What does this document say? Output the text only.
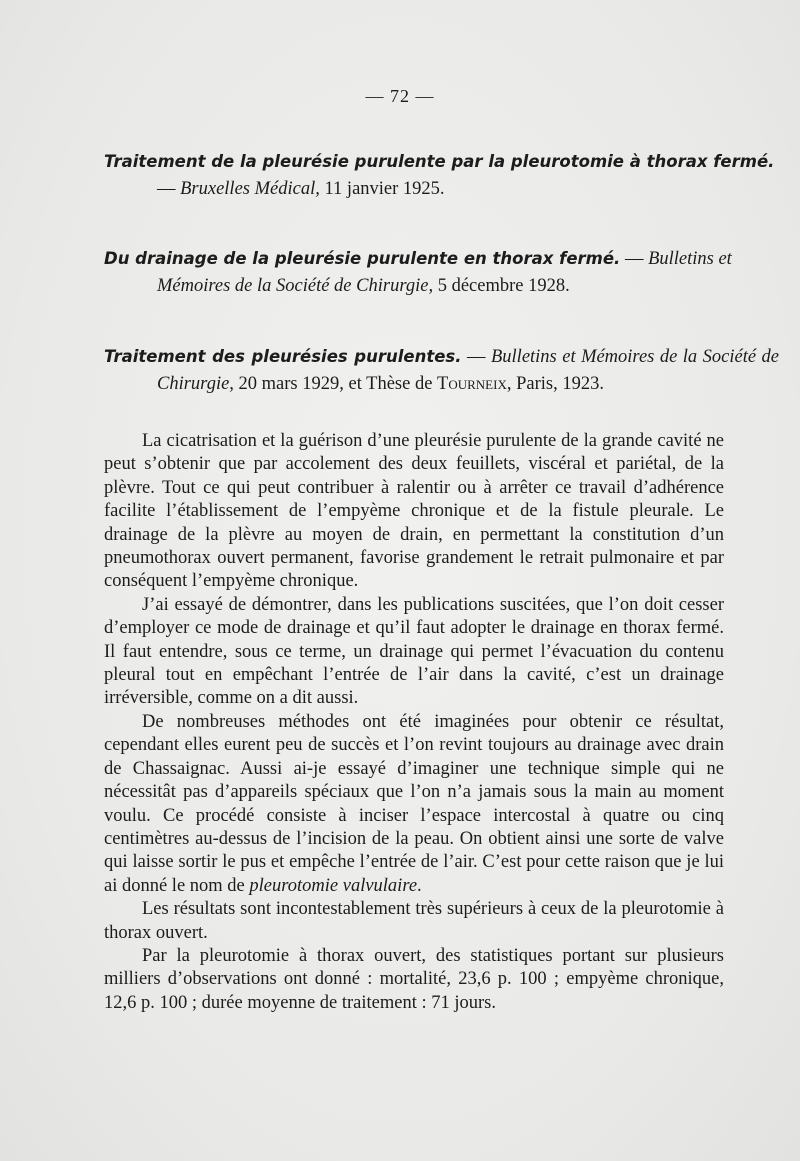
— 72 —
Traitement de la pleurésie purulente par la pleurotomie à thorax fermé. — Bruxelles Médical, 11 janvier 1925.
Du drainage de la pleurésie purulente en thorax fermé. — Bulletins et Mémoires de la Société de Chirurgie, 5 décembre 1928.
Traitement des pleurésies purulentes. — Bulletins et Mémoires de la Société de Chirurgie, 20 mars 1929, et Thèse de Tourneix, Paris, 1923.

La cicatrisation et la guérison d’une pleurésie purulente de la grande cavité ne peut s’obtenir que par accolement des deux feuillets, viscéral et pariétal, de la plèvre. Tout ce qui peut contribuer à ralentir ou à arrêter ce travail d’adhérence facilite l’établissement de l’empyème chronique et de la fistule pleurale. Le drainage de la plèvre au moyen de drain, en permettant la constitution d’un pneumothorax ouvert permanent, favorise grandement le retrait pulmonaire et par conséquent l’empyème chronique.

J’ai essayé de démontrer, dans les publications suscitées, que l’on doit cesser d’employer ce mode de drainage et qu’il faut adopter le drainage en thorax fermé. Il faut entendre, sous ce terme, un drainage qui permet l’évacuation du contenu pleural tout en empêchant l’entrée de l’air dans la cavité, c’est un drainage irréversible, comme on a dit aussi.

De nombreuses méthodes ont été imaginées pour obtenir ce résultat, cependant elles eurent peu de succès et l’on revint toujours au drainage avec drain de Chassaignac. Aussi ai-je essayé d’imaginer une technique simple qui ne nécessitât pas d’appareils spéciaux que l’on n’a jamais sous la main au moment voulu. Ce procédé consiste à inciser l’espace intercostal à quatre ou cinq centimètres au-dessus de l’incision de la peau. On obtient ainsi une sorte de valve qui laisse sortir le pus et empêche l’entrée de l’air. C’est pour cette raison que je lui ai donné le nom de pleurotomie valvulaire.

Les résultats sont incontestablement très supérieurs à ceux de la pleurotomie à thorax ouvert.

Par la pleurotomie à thorax ouvert, des statistiques portant sur plusieurs milliers d’observations ont donné : mortalité, 23,6 p. 100 ; empyème chronique, 12,6 p. 100 ; durée moyenne de traitement : 71 jours.
